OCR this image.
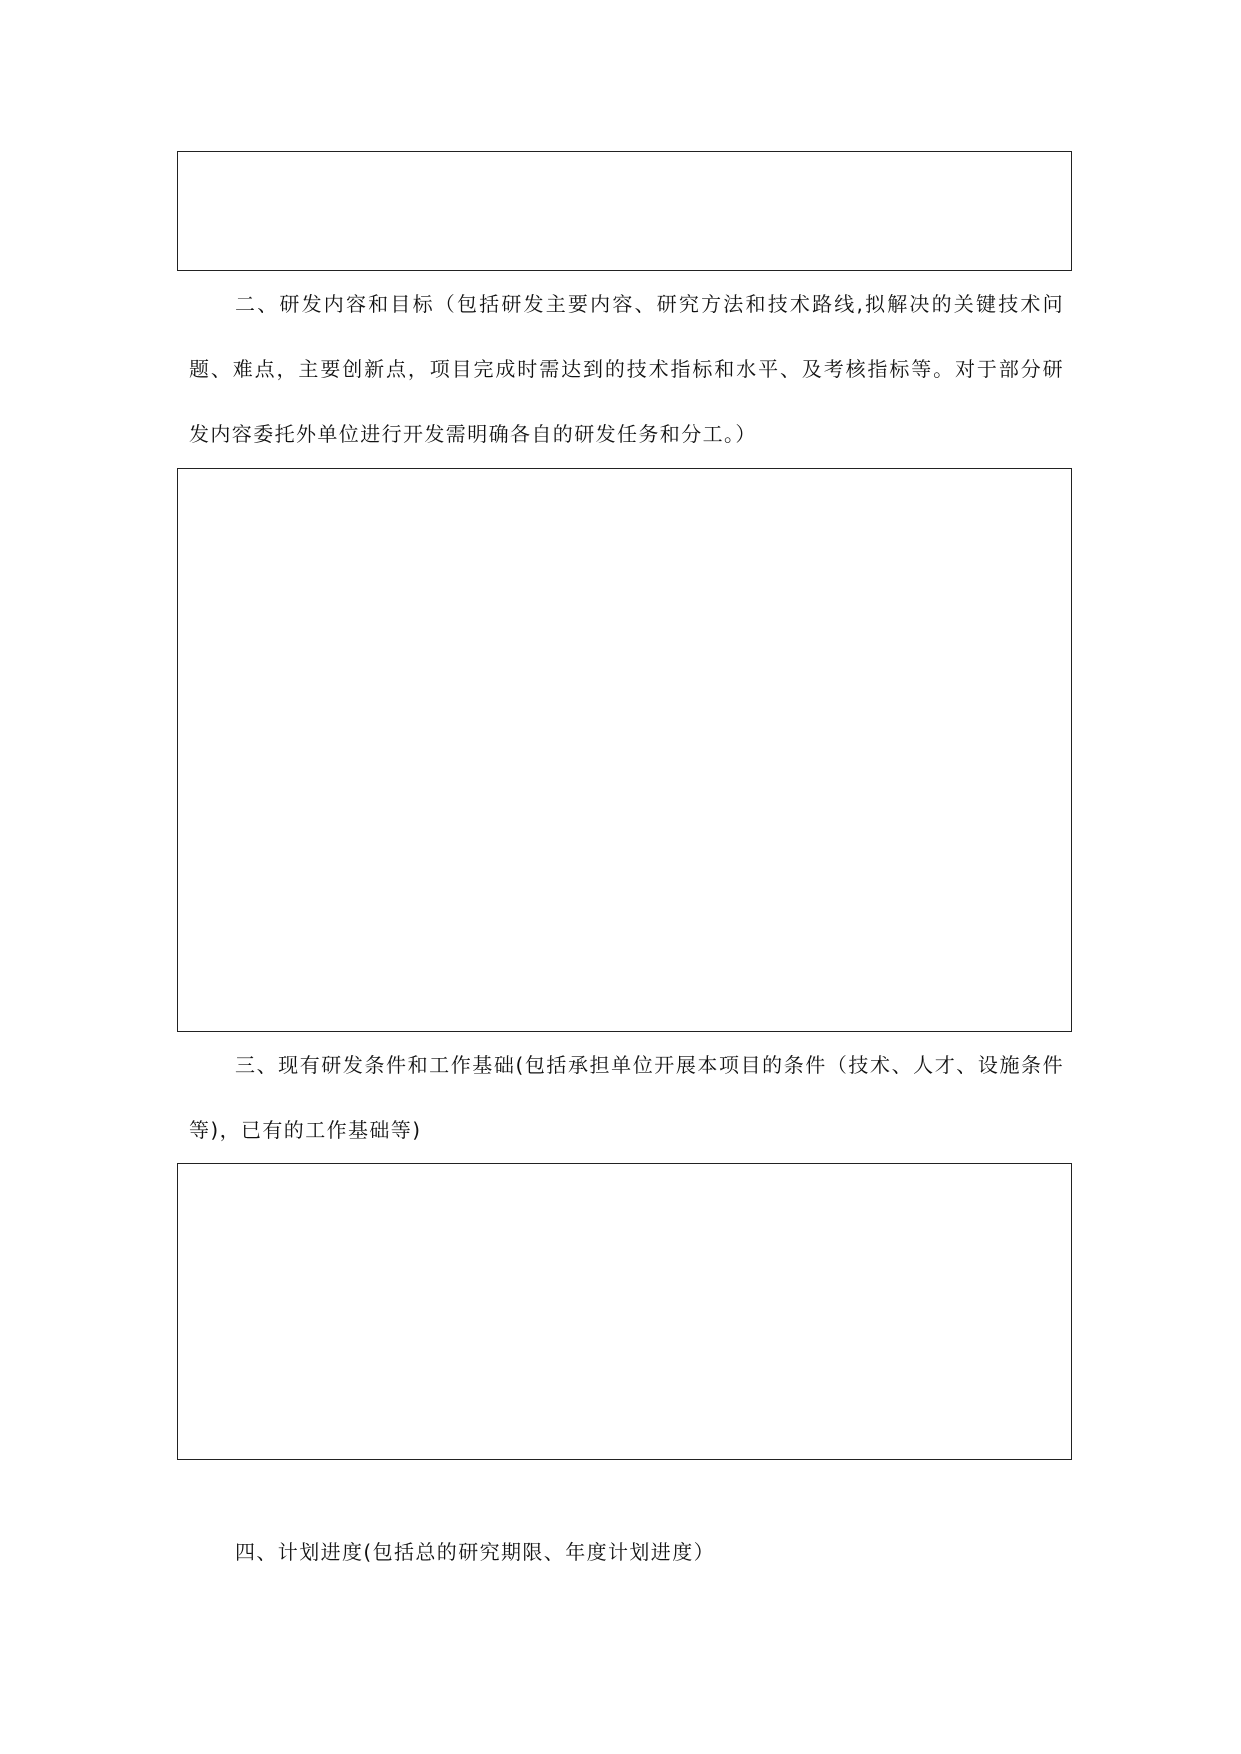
二、研发内容和目标（包括研发主要内容、研究方法和技术路线,拟解决的关键技术问题、难点，主要创新点，项目完成时需达到的技术指标和水平、及考核指标等。对于部分研发内容委托外单位进行开发需明确各自的研发任务和分工。）

三、现有研发条件和工作基础(包括承担单位开展本项目的条件（技术、人才、设施条件等)，已有的工作基础等)

四、计划进度(包括总的研究期限、年度计划进度）
